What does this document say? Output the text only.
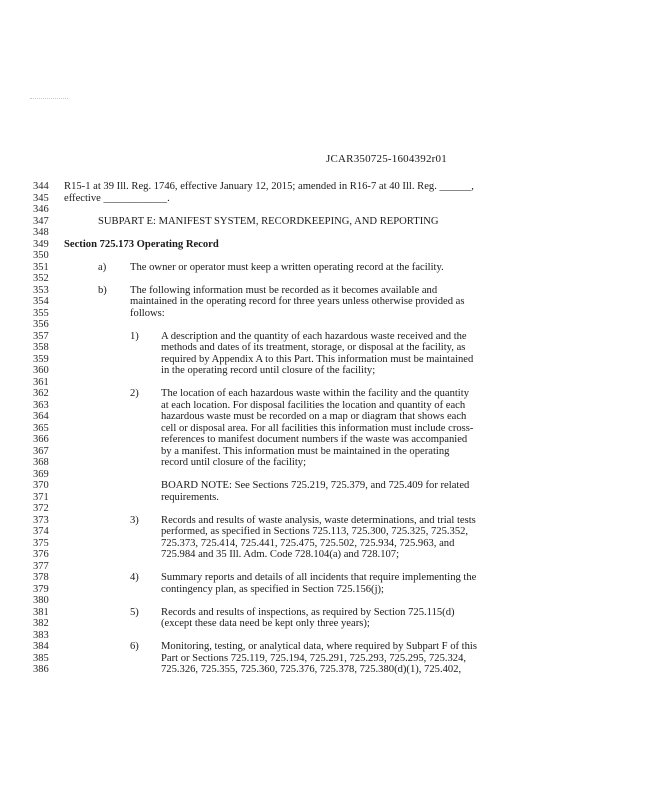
JCAR350725-1604392r01
344
345
346
347
348
349
350
351
352
353
354
355
356
357
358
359
360
361
362
363
364
365
366
367
368
369
370
371
372
373
374
375
376
377
378
379
380
381
382
383
384
385
386
R15-1 at 39 Ill. Reg. 1746, effective January 12, 2015; amended in R16-7 at 40 Ill. Reg. ______,
effective ____________.
SUBPART E: MANIFEST SYSTEM, RECORDKEEPING, AND REPORTING
Section 725.173 Operating Record
a) The owner or operator must keep a written operating record at the facility.
b) The following information must be recorded as it becomes available and
maintained in the operating record for three years unless otherwise provided as
follows:
1) A description and the quantity of each hazardous waste received and the
methods and dates of its treatment, storage, or disposal at the facility, as
required by Appendix A to this Part. This information must be maintained
in the operating record until closure of the facility;
2) The location of each hazardous waste within the facility and the quantity
at each location. For disposal facilities the location and quantity of each
hazardous waste must be recorded on a map or diagram that shows each
cell or disposal area. For all facilities this information must include cross-
references to manifest document numbers if the waste was accompanied
by a manifest. This information must be maintained in the operating
record until closure of the facility;
BOARD NOTE: See Sections 725.219, 725.379, and 725.409 for related
requirements.
3) Records and results of waste analysis, waste determinations, and trial tests
performed, as specified in Sections 725.113, 725.300, 725.325, 725.352,
725.373, 725.414, 725.441, 725.475, 725.502, 725.934, 725.963, and
725.984 and 35 Ill. Adm. Code 728.104(a) and 728.107;
4) Summary reports and details of all incidents that require implementing the
contingency plan, as specified in Section 725.156(j);
5) Records and results of inspections, as required by Section 725.115(d)
(except these data need be kept only three years);
6) Monitoring, testing, or analytical data, where required by Subpart F of this
Part or Sections 725.119, 725.194, 725.291, 725.293, 725.295, 725.324,
725.326, 725.355, 725.360, 725.376, 725.378, 725.380(d)(1), 725.402,
